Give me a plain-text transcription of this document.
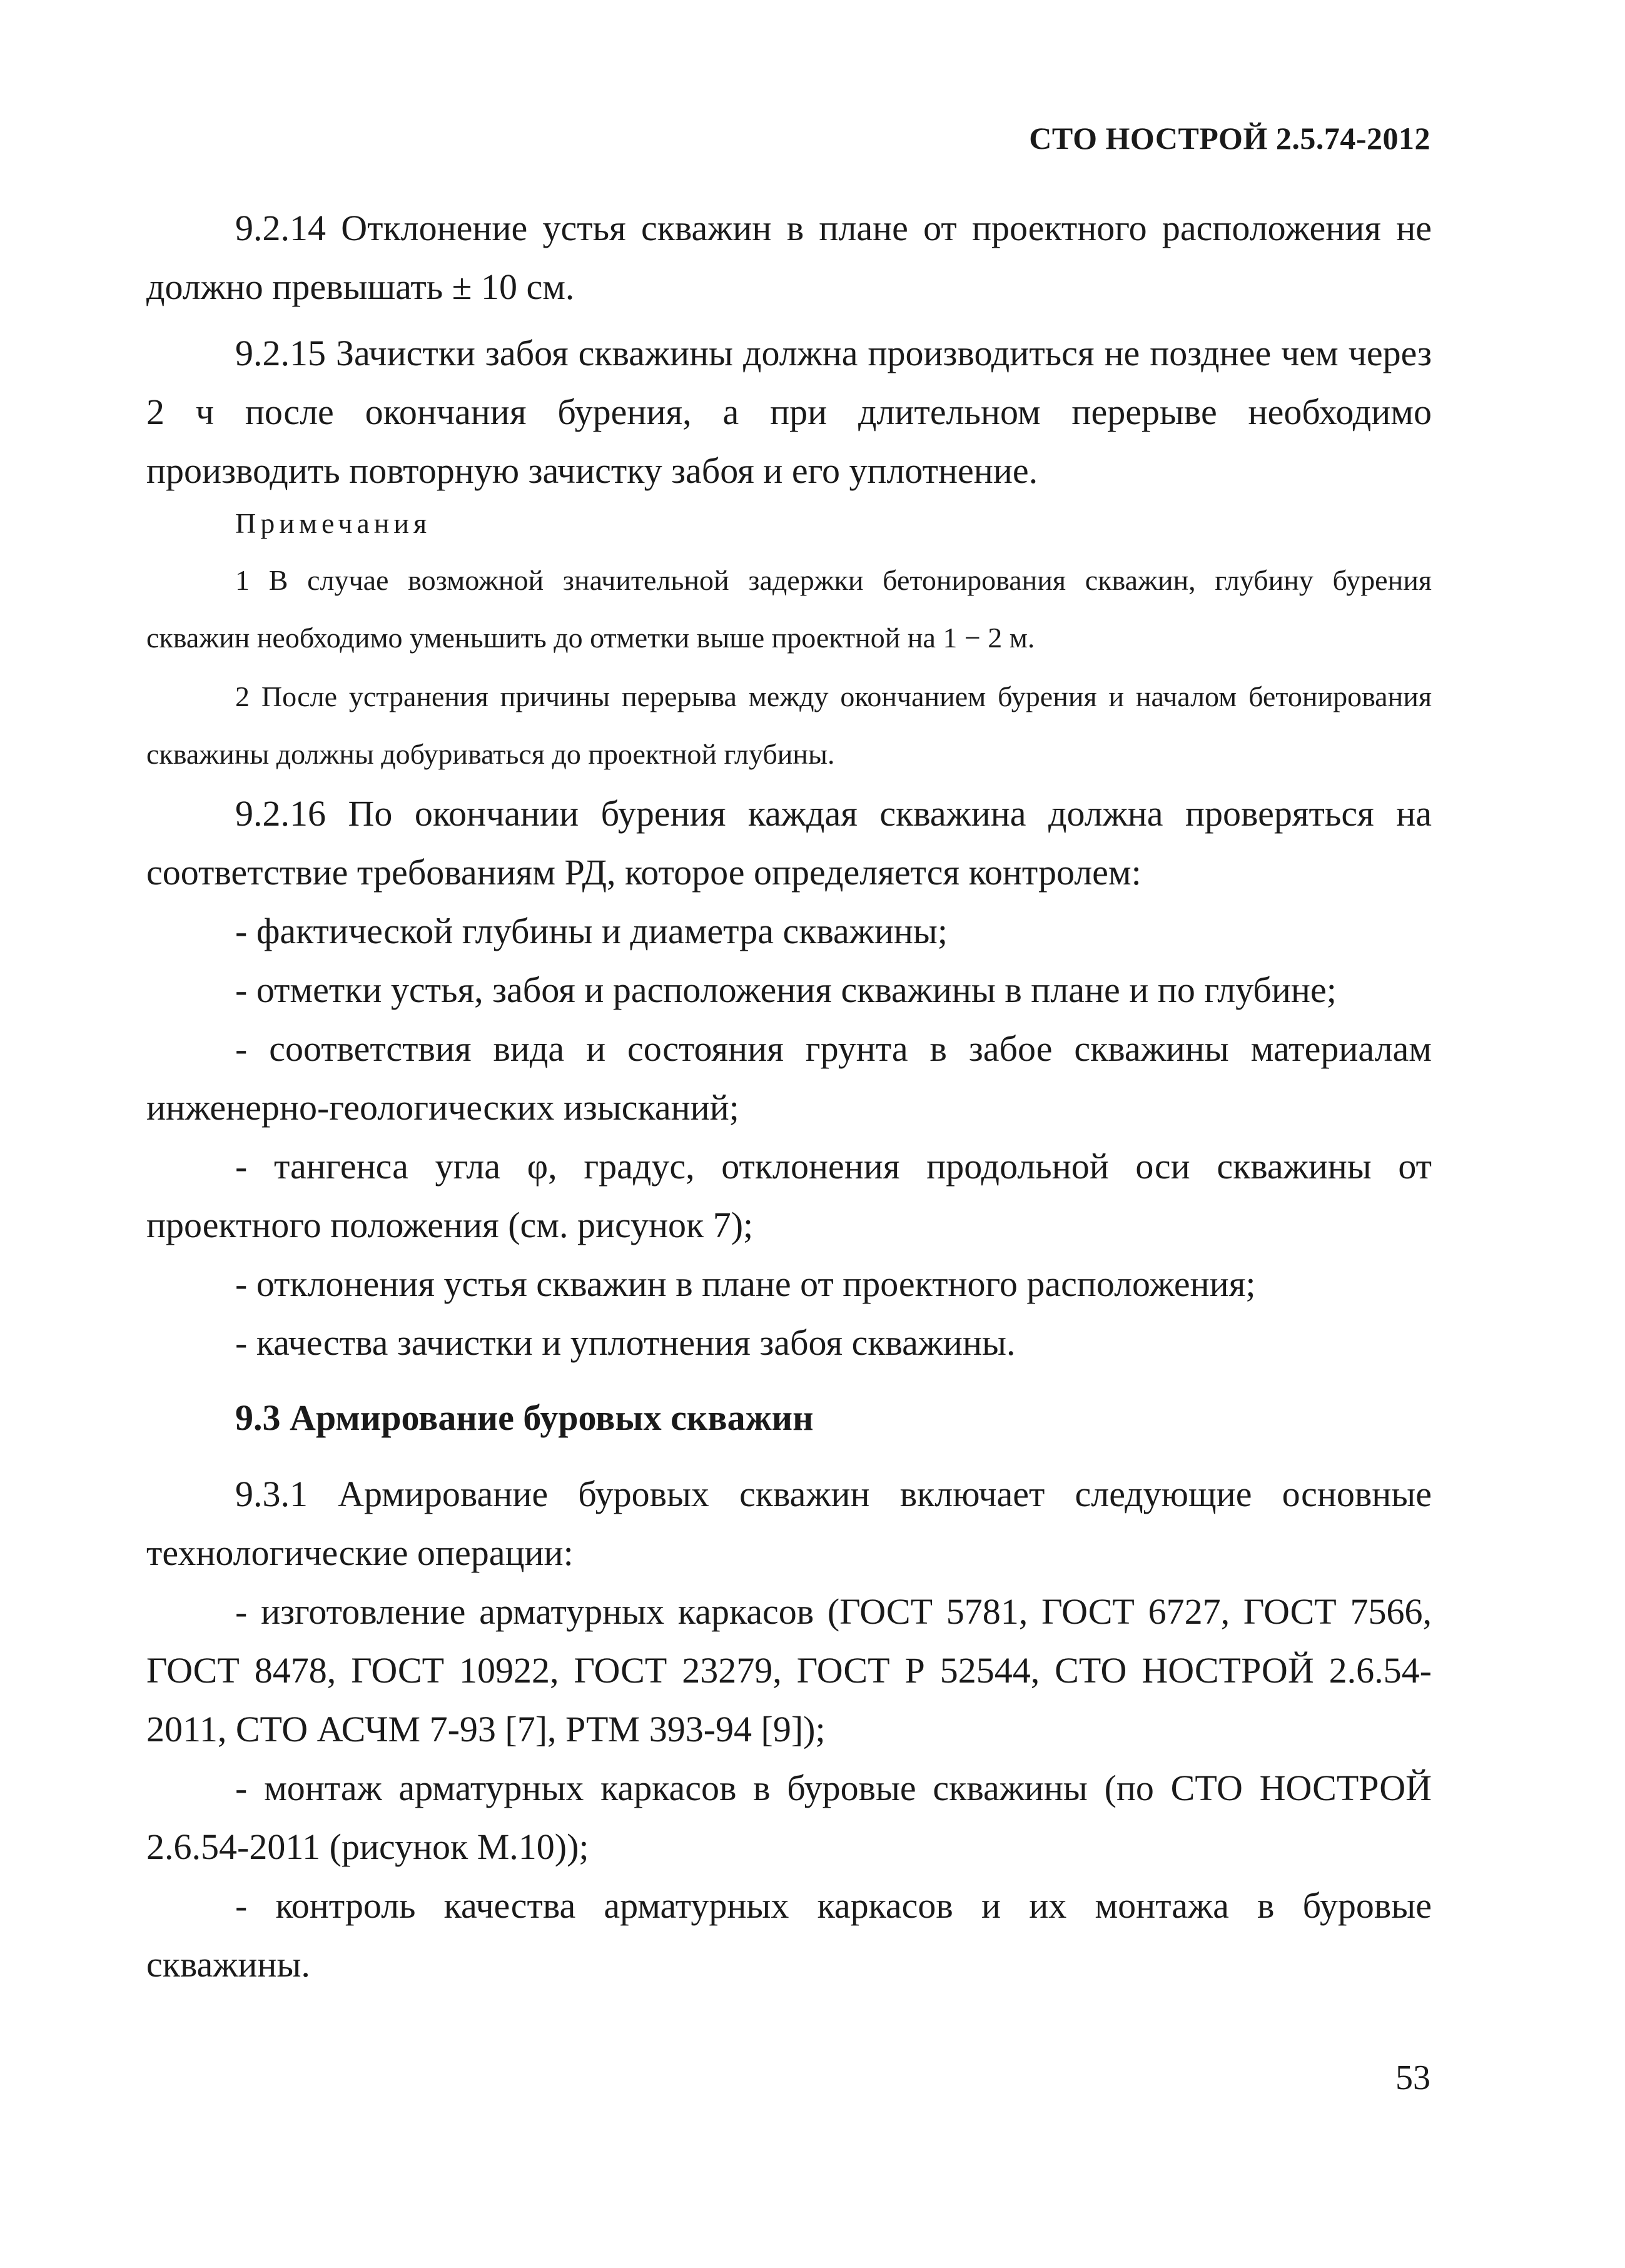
СТО НОСТРОЙ 2.5.74-2012

9.2.14 Отклонение устья скважин в плане от проектного расположения не должно превышать ± 10 см.

9.2.15 Зачистки забоя скважины должна производиться не позднее чем через 2 ч после окончания бурения, а при длительном перерыве необходимо производить повторную зачистку забоя и его уплотнение.

Примечания

1 В случае возможной значительной задержки бетонирования скважин, глубину бурения скважин необходимо уменьшить до отметки выше проектной на 1 − 2 м.

2 После устранения причины перерыва между окончанием бурения и началом бетонирования скважины должны добуриваться до проектной глубины.

9.2.16 По окончании бурения каждая скважина должна проверяться на соответствие требованиям РД, которое определяется контролем:

- фактической глубины и диаметра скважины;

- отметки устья, забоя и расположения скважины в плане и по глубине;

- соответствия вида и состояния грунта в забое скважины материалам инженерно-геологических изысканий;

- тангенса угла φ, градус, отклонения продольной оси скважины от проектного положения (см. рисунок 7);

- отклонения устья скважин в плане от проектного расположения;

- качества зачистки и уплотнения забоя скважины.

9.3 Армирование буровых скважин

9.3.1 Армирование буровых скважин включает следующие основные технологические операции:

- изготовление арматурных каркасов (ГОСТ 5781, ГОСТ 6727, ГОСТ 7566, ГОСТ 8478, ГОСТ 10922, ГОСТ 23279, ГОСТ Р 52544, СТО НОСТРОЙ 2.6.54-2011, СТО АСЧМ 7-93 [7], РТМ 393-94 [9]);

- монтаж арматурных каркасов в буровые скважины (по СТО НОСТРОЙ 2.6.54-2011 (рисунок М.10));

- контроль качества арматурных каркасов и их монтажа в буровые скважины.

53
